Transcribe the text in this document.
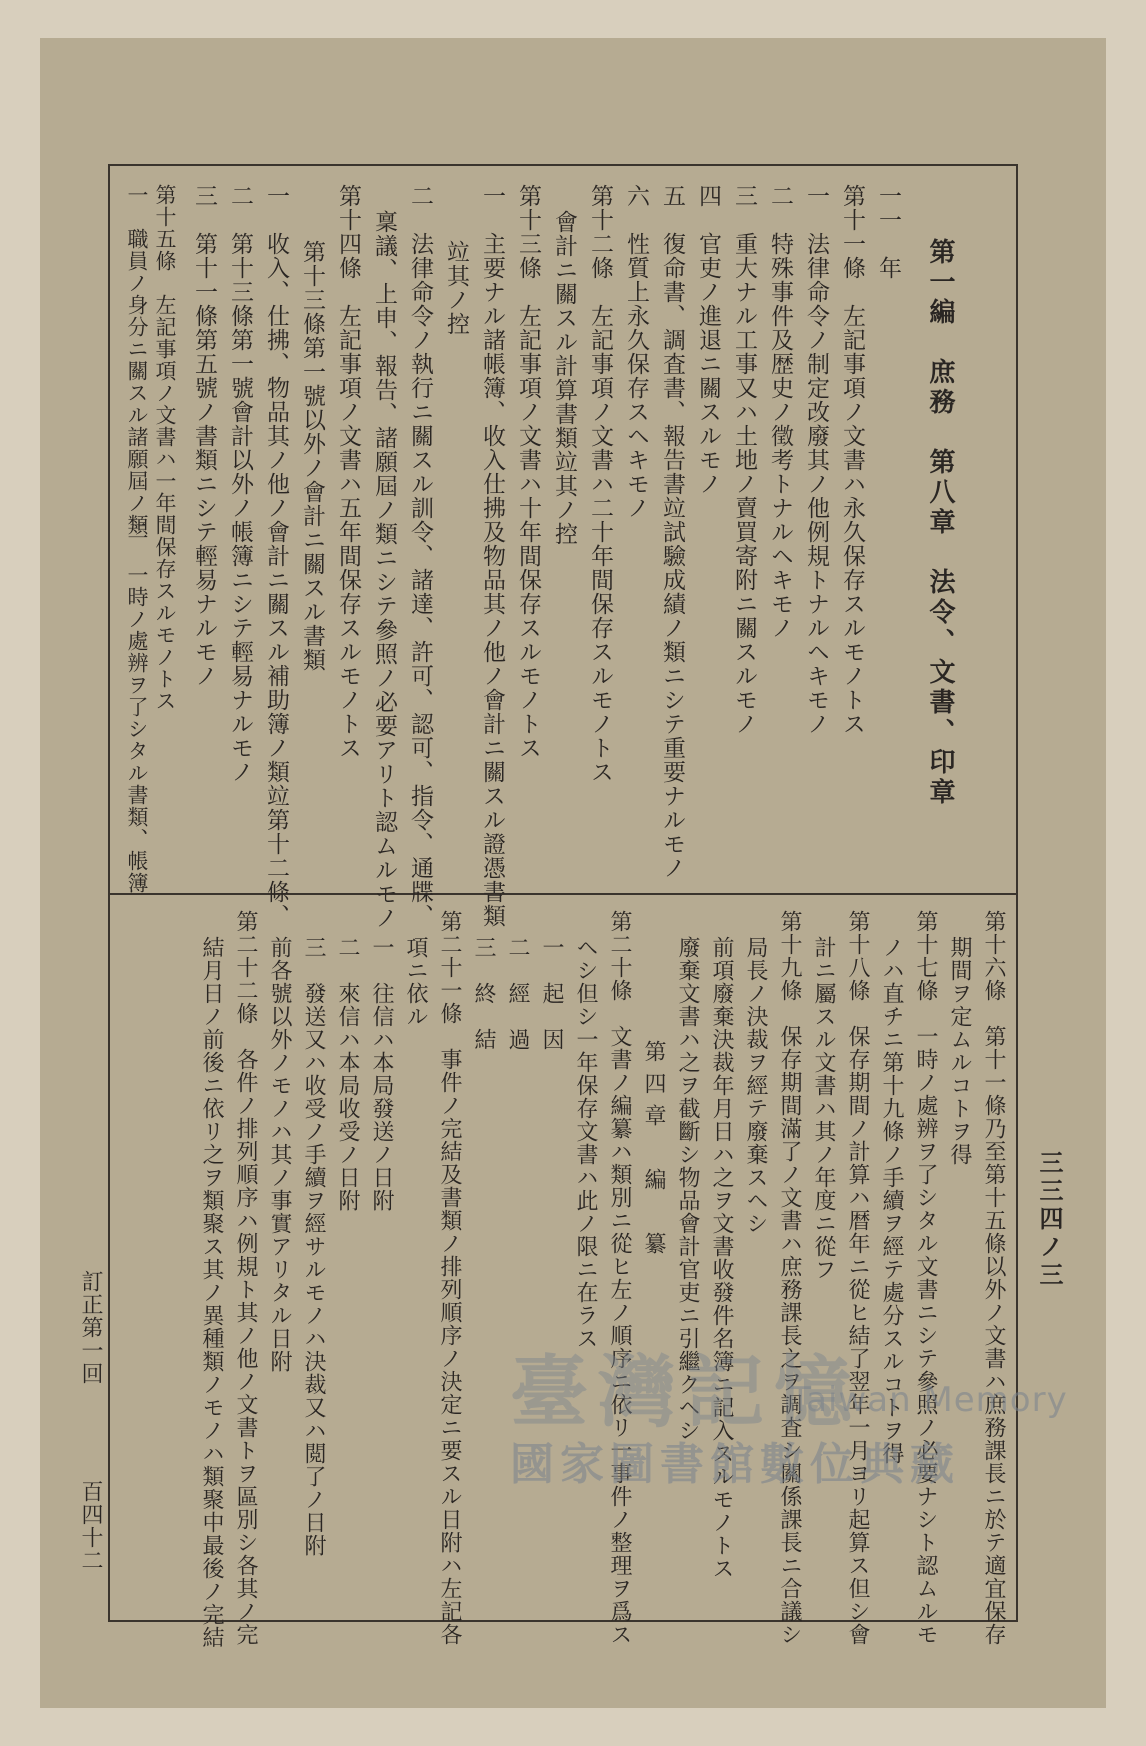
第一編　庶務　第八章　法令、文書、印章
三三四ノ三
一一　年
第十一條　左記事項ノ文書ハ永久保存スルモノトス
一　法律命令ノ制定改廢其ノ他例規トナルヘキモノ
二　特殊事件及歴史ノ徵考トナルヘキモノ
三　重大ナル工事又ハ土地ノ賣買寄附ニ關スルモノ
四　官吏ノ進退ニ關スルモノ
五　復命書、調査書、報告書竝試驗成績ノ類ニシテ重要ナルモノ
六　性質上永久保存スヘキモノ
第十二條　左記事項ノ文書ハ二十年間保存スルモノトス
會計ニ關スル計算書類竝其ノ控
第十三條　左記事項ノ文書ハ十年間保存スルモノトス
一　主要ナル諸帳簿、收入仕拂及物品其ノ他ノ會計ニ關スル證憑書類
竝其ノ控
二　法律命令ノ執行ニ關スル訓令、諸達、許可、認可、指令、通牒、
稟議、上申、報告、諸願屆ノ類ニシテ參照ノ必要アリト認ムルモノ
第十四條　左記事項ノ文書ハ五年間保存スルモノトス
第十三條第一號以外ノ會計ニ關スル書類
一　收入、仕拂、物品其ノ他ノ會計ニ關スル補助簿ノ類竝第十二條、
二　第十三條第一號會計以外ノ帳簿ニシテ輕易ナルモノ
三　第十一條第五號ノ書類ニシテ輕易ナルモノ
第十五條　左記事項ノ文書ハ一年間保存スルモノトス
一　職員ノ身分ニ關スル諸願屆ノ類
二　一時ノ處辨ヲ了シタル書類、帳簿
第十六條　第十一條乃至第十五條以外ノ文書ハ庶務課長ニ於テ適宜保存
期間ヲ定ムルコトヲ得
第十七條　一時ノ處辨ヲ了シタル文書ニシテ參照ノ必要ナシト認ムルモ
ノハ直チニ第十九條ノ手續ヲ經テ處分スルコトヲ得
第十八條　保存期間ノ計算ハ暦年ニ從ヒ結了翌年一月ヨリ起算ス但シ會
計ニ屬スル文書ハ其ノ年度ニ從フ
第十九條　保存期間滿了ノ文書ハ庶務課長之ヲ調査シ關係課長ニ合議シ
局長ノ決裁ヲ經テ廢棄スヘシ
前項廢棄決裁年月日ハ之ヲ文書收發件名簿ニ記入スルモノトス
廢棄文書ハ之ヲ截斷シ物品會計官吏ニ引繼クヘシ
第四章　編　纂
第二十條　文書ノ編纂ハ類別ニ從ヒ左ノ順序ニ依リ一事件ノ整理ヲ爲ス
ヘシ但シ一年保存文書ハ此ノ限ニ在ラス
一　起　因
二　經　過
三　終　結
第二十一條　事件ノ完結及書類ノ排列順序ノ決定ニ要スル日附ハ左記各
項ニ依ル
一　往信ハ本局發送ノ日附
二　來信ハ本局收受ノ日附
三　發送又ハ收受ノ手續ヲ經サルモノハ決裁又ハ閲了ノ日附
前各號以外ノモノハ其ノ事實アリタル日附
第二十二條　各件ノ排列順序ハ例規ト其ノ他ノ文書トヲ區別シ各其ノ完
結月日ノ前後ニ依リ之ヲ類聚ス其ノ異種類ノモノハ類聚中最後ノ完結
訂正第一回
百四十二
臺灣記憶
Taiwan Memory
國家圖書館數位典藏
